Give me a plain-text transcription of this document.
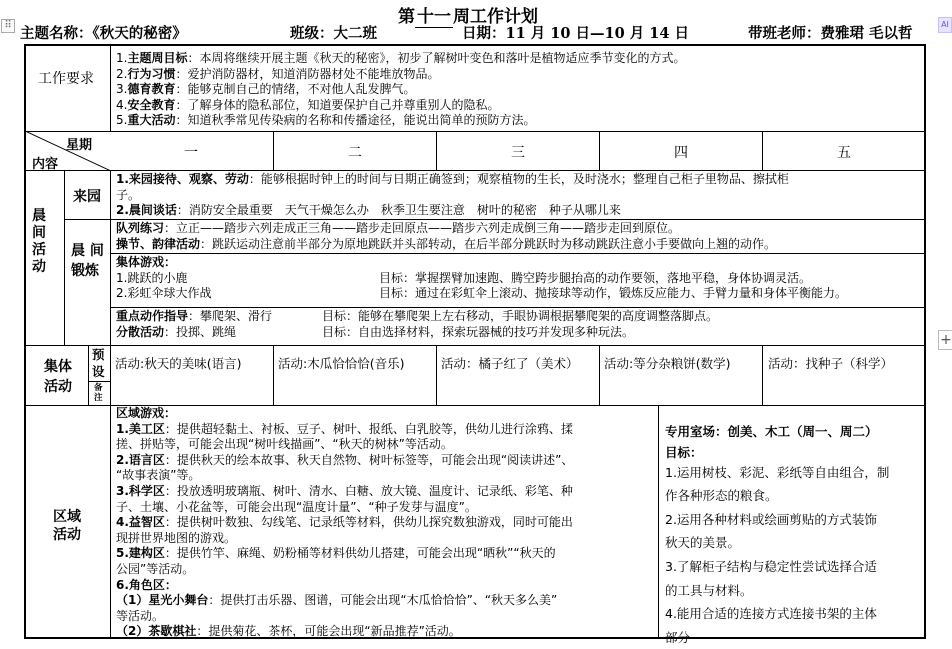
⠿
+
AI
第 十一 周工作计划
主题名称：《秋天的秘密》	班级：大二班	日期：11 月 10 日—10 月 14 日	带班老师：费雅珺 毛以哲
工作要求
1.主题周目标：本周将继续开展主题《秋天的秘密》，初步了解树叶变色和落叶是植物适应季节变化的方式。
2.行为习惯：爱护消防器材，知道消防器材处不能堆放物品。
3.德育教育：能够克制自己的情绪，不对他人乱发脾气。
4.安全教育：了解身体的隐私部位，知道要保护自己并尊重别人的隐私。
5.重大活动：知道秋季常见传染病的名称和传播途径，能说出简单的预防方法。
星期
内容
一	二	三	四	五
晨
间
活
动
来园
1.来园接待、观察、劳动：能够根据时钟上的时间与日期正确签到；观察植物的生长，及时浇水；整理自己柜子里物品、擦拭柜
子。
2.晨间谈话：消防安全最重要　天气干燥怎么办　秋季卫生要注意　树叶的秘密　种子从哪儿来
晨 间
锻炼
队列练习：立正——踏步六列走成正三角——踏步走回原点——踏步六列走成倒三角——踏步走回到原位。
操节、韵律活动：跳跃运动注意前半部分为原地跳跃并头部转动，在后半部分跳跃时为移动跳跃注意小手要做向上翘的动作。
集体游戏：
1.跳跃的小鹿	目标：掌握摆臂加速跑、腾空跨步腿抬高的动作要领，落地平稳，身体协调灵活。
2.彩虹伞球大作战	目标：通过在彩虹伞上滚动、抛接球等动作，锻炼反应能力、手臂力量和身体平衡能力。
重点动作指导：攀爬架、滑行	目标：能够在攀爬架上左右移动，手眼协调根据攀爬架的高度调整落脚点。
分散活动：投掷、跳绳	目标：自由选择材料，探索玩器械的技巧并发现多种玩法。
集体
活动
预设
备注
活动:秋天的美味(语言)	活动:木瓜恰恰恰(音乐)	活动：橘子红了（美术） 活动:等分杂粮饼(数学)	活动：找种子（科学）
区域
活动
区域游戏：
1.美工区：提供超轻黏土、衬板、豆子、树叶、报纸、白乳胶等，供幼儿进行涂鸦、揉
搓、拼贴等，可能会出现“树叶线描画”、“秋天的树林”等活动。
2.语言区：提供秋天的绘本故事、秋天自然物、树叶标签等，可能会出现“阅读讲述”、
“故事表演”等。
3.科学区：投放透明玻璃瓶、树叶、清水、白糖、放大镜、温度计、记录纸、彩笔、种
子、土壤、小花盆等，可能会出现“温度计量”、“种子发芽与温度”。
4.益智区：提供树叶数独、勾线笔、记录纸等材料，供幼儿探究数独游戏，同时可能出
现拼世界地图的游戏。
5.建构区：提供竹竿、麻绳、奶粉桶等材料供幼儿搭建，可能会出现“晒秋”“秋天的
公园”等活动。
6.角色区：
（1）星光小舞台：提供打击乐器、图谱，可能会出现“木瓜恰恰恰”、“秋天多么美”
等活动。
（2）茶歇棋社：提供菊花、茶杯，可能会出现“新品推荐”活动。
专用室场：创美、木工（周一、周二）
目标：
1.运用树枝、彩泥、彩纸等自由组合，制
作各种形态的粮食。
2.运用各种材料或绘画剪贴的方式装饰
秋天的美景。
3.了解柜子结构与稳定性尝试选择合适
的工具与材料。
4.能用合适的连接方式连接书架的主体
部分
